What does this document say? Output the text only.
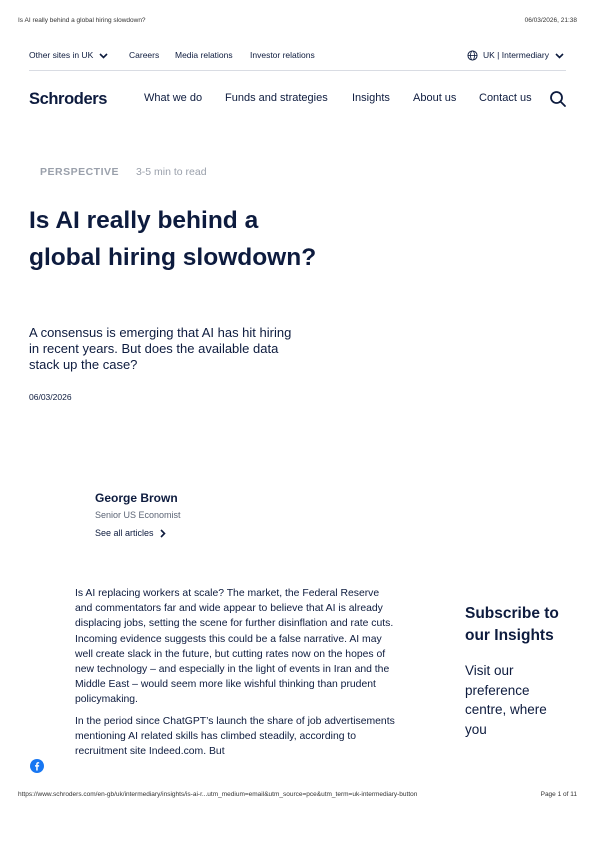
Is AI really behind a global hiring slowdown?	06/03/2026, 21:38
Other sites in UK	Careers Media relations Investor relations	UK | Intermediary
Schroders	What we do Funds and strategies Insights About us Contact us
PERSPECTIVE 3-5 min to read
Is AI really behind a global hiring slowdown?

A consensus is emerging that AI has hit hiring in recent years. But does the available data stack up the case?

06/03/2026

George Brown
Senior US Economist
See all articles

Is AI replacing workers at scale? The market, the Federal Reserve and commentators far and wide appear to believe that AI is already displacing jobs, setting the scene for further disinflation and rate cuts. Incoming evidence suggests this could be a false narrative. AI may well create slack in the future, but cutting rates now on the hopes of new technology – and especially in the light of events in Iran and the Middle East – would seem more like wishful thinking than prudent policymaking.

In the period since ChatGPT’s launch the share of job advertisements mentioning AI related skills has climbed steadily, according to recruitment site Indeed.com. But

Subscribe to our Insights
Visit our preference centre, where you
https://www.schroders.com/en-gb/uk/intermediary/insights/is-ai-r...utm_medium=email&utm_source=pce&utm_term=uk-intermediary-button	Page 1 of 11
